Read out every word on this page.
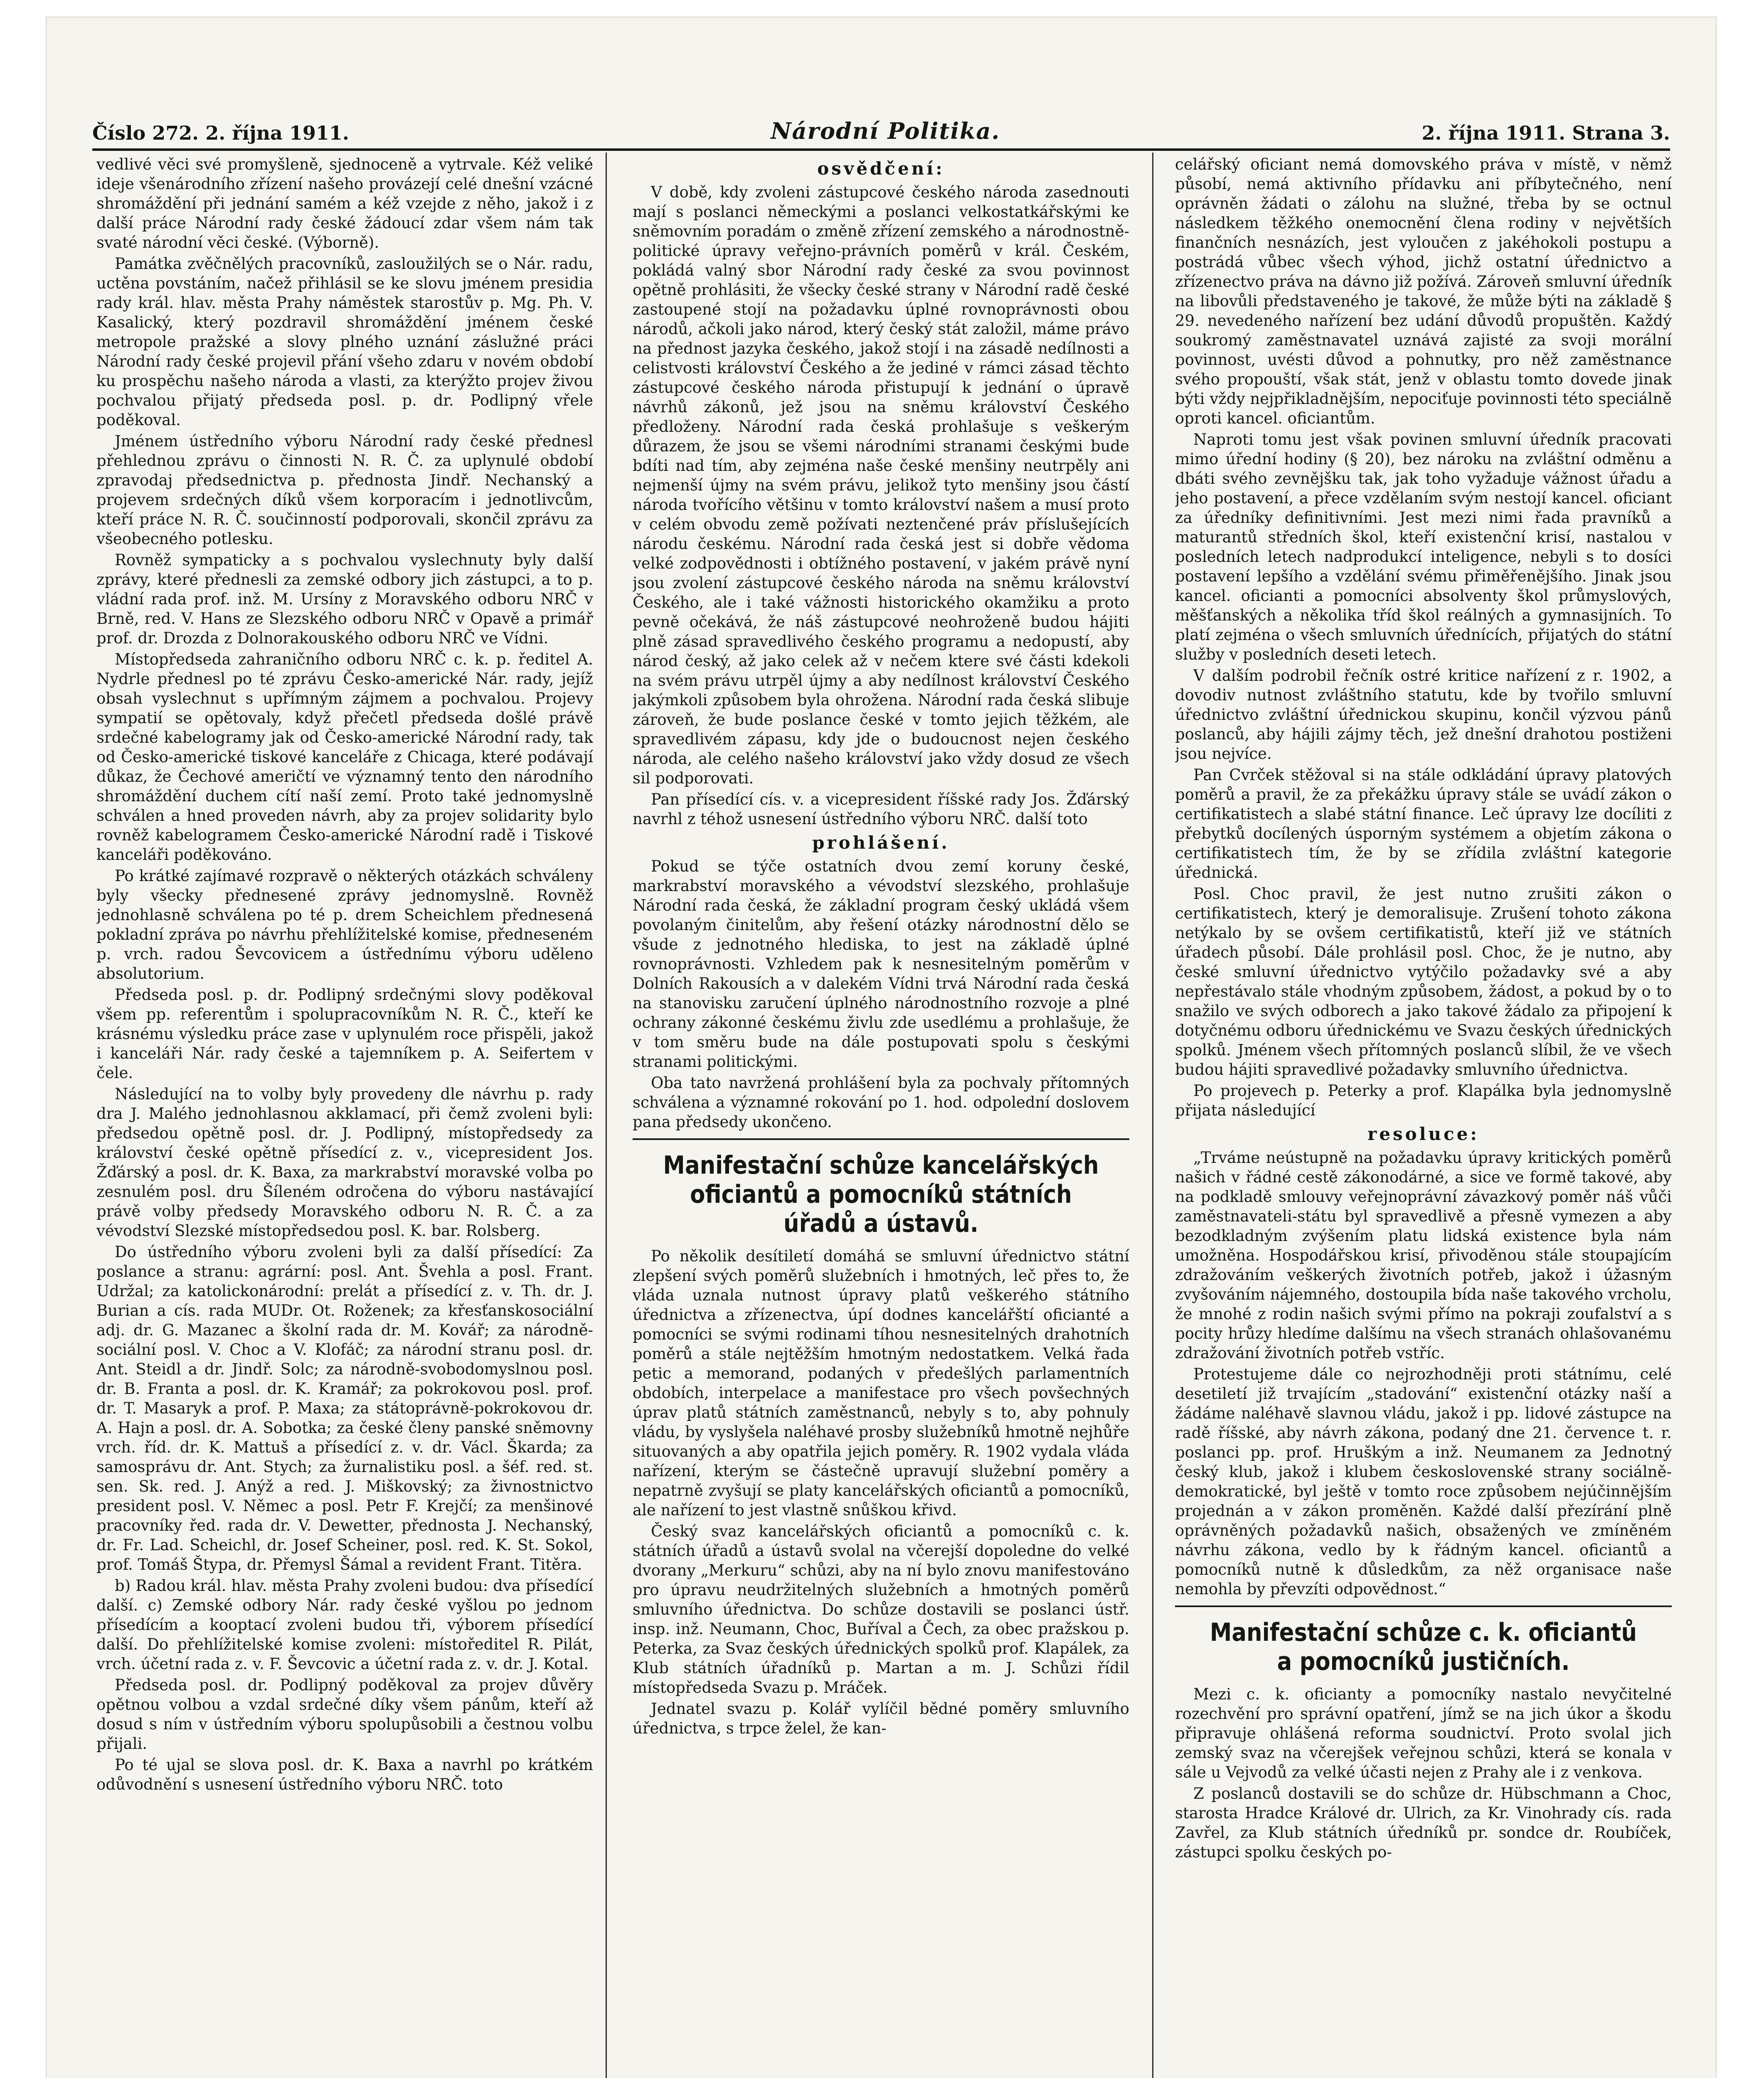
Číslo 272. 2. října 1911.	Národní Politika.	2. října 1911. Strana 3.

vedlivé věci své promyšleně, sjednoceně a vytrvale. Kéž veliké ideje všenárodního zřízení našeho provázejí celé dnešní vzácné shromáždění při jednání samém a kéž vzejde z něho, jakož i z další práce Národní rady české žádoucí zdar všem nám tak svaté národní věci české. (Výborně).

Památka zvěčnělých pracovníků, zasloužilých se o Nár. radu, uctěna povstáním, načež přihlásil se ke slovu jménem presidia rady král. hlav. města Prahy náměstek starostův p. Mg. Ph. V. Kasalický, který pozdravil shromáždění jménem české metropole pražské a slovy plného uznání záslužné práci Národní rady české projevil přání všeho zdaru v novém období ku prospěchu našeho národa a vlasti, za kterýžto projev živou pochvalou přijatý předseda posl. p. dr. Podlipný vřele poděkoval.

Jménem ústředního výboru Národní rady české přednesl přehlednou zprávu o činnosti N. R. Č. za uplynulé období zpravodaj předsednictva p. přednosta Jindř. Nechanský a projevem srdečných díků všem korporacím i jednotlivcům, kteří práce N. R. Č. součinností podporovali, skončil zprávu za všeobecného potlesku.

Rovněž sympaticky a s pochvalou vyslechnuty byly další zprávy, které přednesli za zemské odbory jich zástupci, a to p. vládní rada prof. inž. M. Ursíny z Moravského odboru NRČ v Brně, red. V. Hans ze Slezského odboru NRČ v Opavě a primář prof. dr. Drozda z Dolnorakouského odboru NRČ ve Vídni.

Místopředseda zahraničního odboru NRČ c. k. p. ředitel A. Nydrle přednesl po té zprávu Česko-americké Nár. rady, jejíž obsah vyslechnut s upřímným zájmem a pochvalou. Projevy sympatií se opětovaly, když přečetl předseda došlé právě srdečné kabelogramy jak od Česko-americké Národní rady, tak od Česko-americké tiskové kanceláře z Chicaga, které podávají důkaz, že Čechové američtí ve významný tento den národního shromáždění duchem cítí naší zemí. Proto také jednomyslně schválen a hned proveden návrh, aby za projev solidarity bylo rovněž kabelogramem Česko-americké Národní radě i Tiskové kanceláři poděkováno.

Po krátké zajímavé rozpravě o některých otázkách schváleny byly všecky přednesené zprávy jednomyslně. Rovněž jednohlasně schválena po té p. drem Scheichlem přednesená pokladní zpráva po návrhu přehlížitelské komise, předneseném p. vrch. radou Ševcovicem a ústřednímu výboru uděleno absolutorium.

Předseda posl. p. dr. Podlipný srdečnými slovy poděkoval všem pp. referentům i spolupracovníkům N. R. Č., kteří ke krásnému výsledku práce zase v uplynulém roce přispěli, jakož i kanceláři Nár. rady české a tajemníkem p. A. Seifertem v čele.

Následující na to volby byly provedeny dle návrhu p. rady dra J. Malého jednohlasnou akklamací, při čemž zvoleni byli: předsedou opětně posl. dr. J. Podlipný, místopředsedy za království české opětně přísedící z. v., vicepresident Jos. Žďárský a posl. dr. K. Baxa, za markrabství moravské volba po zesnulém posl. dru Šíleném odročena do výboru nastávající právě volby předsedy Moravského odboru N. R. Č. a za vévodství Slezské místopředsedou posl. K. bar. Rolsberg.

Do ústředního výboru zvoleni byli za další přísedící: Za poslance a stranu: agrární: posl. Ant. Švehla a posl. Frant. Udržal; za katolickonárodní: prelát a přísedící z. v. Th. dr. J. Burian a cís. rada MUDr. Ot. Roženek; za křesťanskosociální adj. dr. G. Mazanec a školní rada dr. M. Kovář; za národně-sociální posl. V. Choc a V. Klofáč; za národní stranu posl. dr. Ant. Steidl a dr. Jindř. Solc; za národně-svobodomyslnou posl. dr. B. Franta a posl. dr. K. Kramář; za pokrokovou posl. prof. dr. T. Masaryk a prof. P. Maxa; za státoprávně-pokrokovou dr. A. Hajn a posl. dr. A. Sobotka; za české členy panské sněmovny vrch. říd. dr. K. Mattuš a přísedící z. v. dr. Václ. Škarda; za samosprávu dr. Ant. Stych; za žurnalistiku posl. a šéf. red. st. sen. Sk. red. J. Anýž a red. J. Miškovský; za živnostnictvo president posl. V. Němec a posl. Petr F. Krejčí; za menšinové pracovníky řed. rada dr. V. Dewetter, přednosta J. Nechanský, dr. Fr. Lad. Scheichl, dr. Josef Scheiner, posl. red. K. St. Sokol, prof. Tomáš Štypa, dr. Přemysl Šámal a revident Frant. Titěra.

b) Radou král. hlav. města Prahy zvoleni budou: dva přísedící další. c) Zemské odbory Nár. rady české vyšlou po jednom přísedícím a kooptací zvoleni budou tři, výborem přísedící další. Do přehlížitelské komise zvoleni: místoředitel R. Pilát, vrch. účetní rada z. v. F. Ševcovic a účetní rada z. v. dr. J. Kotal.

Předseda posl. dr. Podlipný poděkoval za projev důvěry opětnou volbou a vzdal srdečné díky všem pánům, kteří až dosud s ním v ústředním výboru spolupůsobili a čestnou volbu přijali.

Po té ujal se slova posl. dr. K. Baxa a navrhl po krátkém odůvodnění s usnesení ústředního výboru NRČ. toto

osvědčení:

V době, kdy zvoleni zástupcové českého národa zasednouti mají s poslanci německými a poslanci velkostatkářskými ke sněmovním poradám o změně zřízení zemského a národnostně-politické úpravy veřejno-právních poměrů v král. Českém, pokládá valný sbor Národní rady české za svou povinnost opětně prohlásiti, že všecky české strany v Národní radě české zastoupené stojí na požadavku úplné rovnoprávnosti obou národů, ačkoli jako národ, který český stát založil, máme právo na přednost jazyka českého, jakož stojí i na zásadě nedílnosti a celistvosti království Českého a že jediné v rámci zásad těchto zástupcové českého národa přistupují k jednání o úpravě návrhů zákonů, jež jsou na sněmu království Českého předloženy. Národní rada česká prohlašuje s veškerým důrazem, že jsou se všemi národními stranami českými bude bdíti nad tím, aby zejména naše české menšiny neutrpěly ani nejmenší újmy na svém právu, jelikož tyto menšiny jsou částí národa tvořícího většinu v tomto království našem a musí proto v celém obvodu země požívati neztenčené práv příslušejících národu českému. Národní rada česká jest si dobře vědoma velké zodpovědnosti i obtížného postavení, v jakém právě nyní jsou zvolení zástupcové českého národa na sněmu království Českého, ale i také vážnosti historického okamžiku a proto pevně očekává, že náš zástupcové neohroženě budou hájiti plně zásad spravedlivého českého programu a nedopustí, aby národ český, až jako celek až v nečem ktere své části kdekoli na svém právu utrpěl újmy a aby nedílnost království Českého jakýmkoli způsobem byla ohrožena. Národní rada česká slibuje zároveň, že bude poslance české v tomto jejich těžkém, ale spravedlivém zápasu, kdy jde o budoucnost nejen českého národa, ale celého našeho království jako vždy dosud ze všech sil podporovati.

Pan přísedící cís. v. a vicepresident říšské rady Jos. Žďárský navrhl z téhož usnesení ústředního výboru NRČ. další toto

prohlášení.

Pokud se týče ostatních dvou zemí koruny české, markrabství moravského a vévodství slezského, prohlašuje Národní rada česká, že základní program český ukládá všem povolaným činitelům, aby řešení otázky národnostní dělo se všude z jednotného hlediska, to jest na základě úplné rovnoprávnosti. Vzhledem pak k nesnesitelným poměrům v Dolních Rakousích a v dalekém Vídni trvá Národní rada česká na stanovisku zaručení úplného národnostního rozvoje a plné ochrany zákonné českému živlu zde usedlému a prohlašuje, že v tom směru bude na dále postupovati spolu s českými stranami politickými.

Oba tato navržená prohlášení byla za pochvaly přítomných schválena a významné rokování po 1. hod. odpolední doslovem pana předsedy ukončeno.

Manifestační schůze kancelářských oficiantů a pomocníků státních úřadů a ústavů.

Po několik desítiletí domáhá se smluvní úřednictvo státní zlepšení svých poměrů služebních i hmotných, leč přes to, že vláda uznala nutnost úpravy platů veškerého státního úřednictva a zřízenectva, úpí dodnes kancelářští oficianté a pomocníci se svými rodinami tíhou nesnesitelných drahotních poměrů a stále nejtěžším hmotným nedostatkem. Velká řada petic a memorand, podaných v předešlých parlamentních obdobích, interpelace a manifestace pro všech povšechných úprav platů státních zaměstnanců, nebyly s to, aby pohnuly vládu, by vyslyšela naléhavé prosby služebníků hmotně nejhůře situovaných a aby opatřila jejich poměry. R. 1902 vydala vláda nařízení, kterým se částečně upravují služební poměry a nepatrně zvyšují se platy kancelářských oficiantů a pomocníků, ale nařízení to jest vlastně snůškou křivd.

Český svaz kancelářských oficiantů a pomocníků c. k. státních úřadů a ústavů svolal na včerejší dopoledne do velké dvorany „Merkuru“ schůzi, aby na ní bylo znovu manifestováno pro úpravu neudržitelných služebních a hmotných poměrů smluvního úřednictva. Do schůze dostavili se poslanci ústř. insp. inž. Neumann, Choc, Buříval a Čech, za obec pražskou p. Peterka, za Svaz českých úřednických spolků prof. Klapálek, za Klub státních úřadníků p. Martan a m. J. Schůzi řídil místopředseda Svazu p. Mráček.

Jednatel svazu p. Kolář vylíčil bědné poměry smluvního úřednictva, s trpce želel, že kan-

celářský oficiant nemá domovského práva v místě, v němž působí, nemá aktivního přídavku ani příbytečného, není oprávněn žádati o zálohu na služné, třeba by se octnul následkem těžkého onemocnění člena rodiny v největších finančních nesnázích, jest vyloučen z jakéhokoli postupu a postrádá vůbec všech výhod, jichž ostatní úřednictvo a zřízenectvo práva na dávno již požívá. Zároveň smluvní úředník na libovůli představeného je takové, že může býti na základě § 29. nevedeného nařízení bez udání důvodů propuštěn. Každý soukromý zaměstnavatel uznává zajisté za svoji morální povinnost, uvésti důvod a pohnutky, pro něž zaměstnance svého propouští, však stát, jenž v oblastu tomto dovede jinak býti vždy nejpřikladnějším, nepociťuje povinnosti této speciálně oproti kancel. oficiantům.

Naproti tomu jest však povinen smluvní úředník pracovati mimo úřední hodiny (§ 20), bez nároku na zvláštní odměnu a dbáti svého zevnějšku tak, jak toho vyžaduje vážnost úřadu a jeho postavení, a přece vzdělaním svým nestojí kancel. oficiant za úředníky definitivními. Jest mezi nimi řada pravníků a maturantů středních škol, kteří existenční krisí, nastalou v posledních letech nadprodukcí inteligence, nebyli s to dosíci postavení lepšího a vzdělání svému přiměřenějšího. Jinak jsou kancel. oficianti a pomocníci absolventy škol průmyslových, měšťanských a několika tříd škol reálných a gymnasijních. To platí zejména o všech smluvních úřednících, přijatých do státní služby v posledních deseti letech.

V dalším podrobil řečník ostré kritice nařízení z r. 1902, a dovodiv nutnost zvláštního statutu, kde by tvořilo smluvní úřednictvo zvláštní úřednickou skupinu, končil výzvou pánů poslanců, aby hájili zájmy těch, jež dnešní drahotou postiženi jsou nejvíce.

Pan Cvrček stěžoval si na stále odkládání úpravy platových poměrů a pravil, že za překážku úpravy stále se uvádí zákon o certifikatistech a slabé státní finance. Leč úpravy lze docíliti z přebytků docílených úsporným systémem a objetím zákona o certifikatistech tím, že by se zřídila zvláštní kategorie úřednická.

Posl. Choc pravil, že jest nutno zrušiti zákon o certifikatistech, který je demoralisuje. Zrušení tohoto zákona netýkalo by se ovšem certifikatistů, kteří již ve státních úřadech působí. Dále prohlásil posl. Choc, že je nutno, aby české smluvní úřednictvo vytýčilo požadavky své a aby nepřestávalo stále vhodným způsobem, žádost, a pokud by o to snažilo ve svých odborech a jako takové žádalo za připojení k dotyčnému odboru úřednickému ve Svazu českých úřednických spolků. Jménem všech přítomných poslanců slíbil, že ve všech budou hájiti spravedlivé požadavky smluvního úřednictva.

Po projevech p. Peterky a prof. Klapálka byla jednomyslně přijata následující

resoluce:

„Trváme neústupně na požadavku úpravy kritických poměrů našich v řádné cestě zákonodárné, a sice ve formě takové, aby na podkladě smlouvy veřejnoprávní závazkový poměr náš vůči zaměstnavateli-státu byl spravedlivě a přesně vymezen a aby bezodkladným zvýšením platu lidská existence byla nám umožněna. Hospodářskou krisí, přivoděnou stále stoupajícím zdražováním veškerých životních potřeb, jakož i úžasným zvyšováním nájemného, dostoupila bída naše takového vrcholu, že mnohé z rodin našich svými přímo na pokraji zoufalství a s pocity hrůzy hledíme dalšímu na všech stranách ohlašovanému zdražování životních potřeb vstříc.

Protestujeme dále co nejrozhodněji proti státnímu, celé desetiletí již trvajícím „stadování“ existenční otázky naší a žádáme naléhavě slavnou vládu, jakož i pp. lidové zástupce na radě říšské, aby návrh zákona, podaný dne 21. července t. r. poslanci pp. prof. Hruškým a inž. Neumanem za Jednotný český klub, jakož i klubem československé strany sociálně-demokratické, byl ještě v tomto roce způsobem nejúčinnějším projednán a v zákon proměněn. Každé další přezírání plně oprávněných požadavků našich, obsažených ve zmíněném návrhu zákona, vedlo by k řádným kancel. oficiantů a pomocníků nutně k důsledkům, za něž organisace naše nemohla by převzíti odpovědnost.“

Manifestační schůze c. k. oficiantů a pomocníků justičních.

Mezi c. k. oficianty a pomocníky nastalo nevyčitelné rozechvění pro správní opatření, jímž se na jich úkor a škodu připravuje ohlášená reforma soudnictví. Proto svolal jich zemský svaz na včerejšek veřejnou schůzi, která se konala v sále u Vejvodů za velké účasti nejen z Prahy ale i z venkova.

Z poslanců dostavili se do schůze dr. Hübschmann a Choc, starosta Hradce Králové dr. Ulrich, za Kr. Vinohrady cís. rada Zavřel, za Klub státních úředníků pr. sondce dr. Roubíček, zástupci spolku českých po-
